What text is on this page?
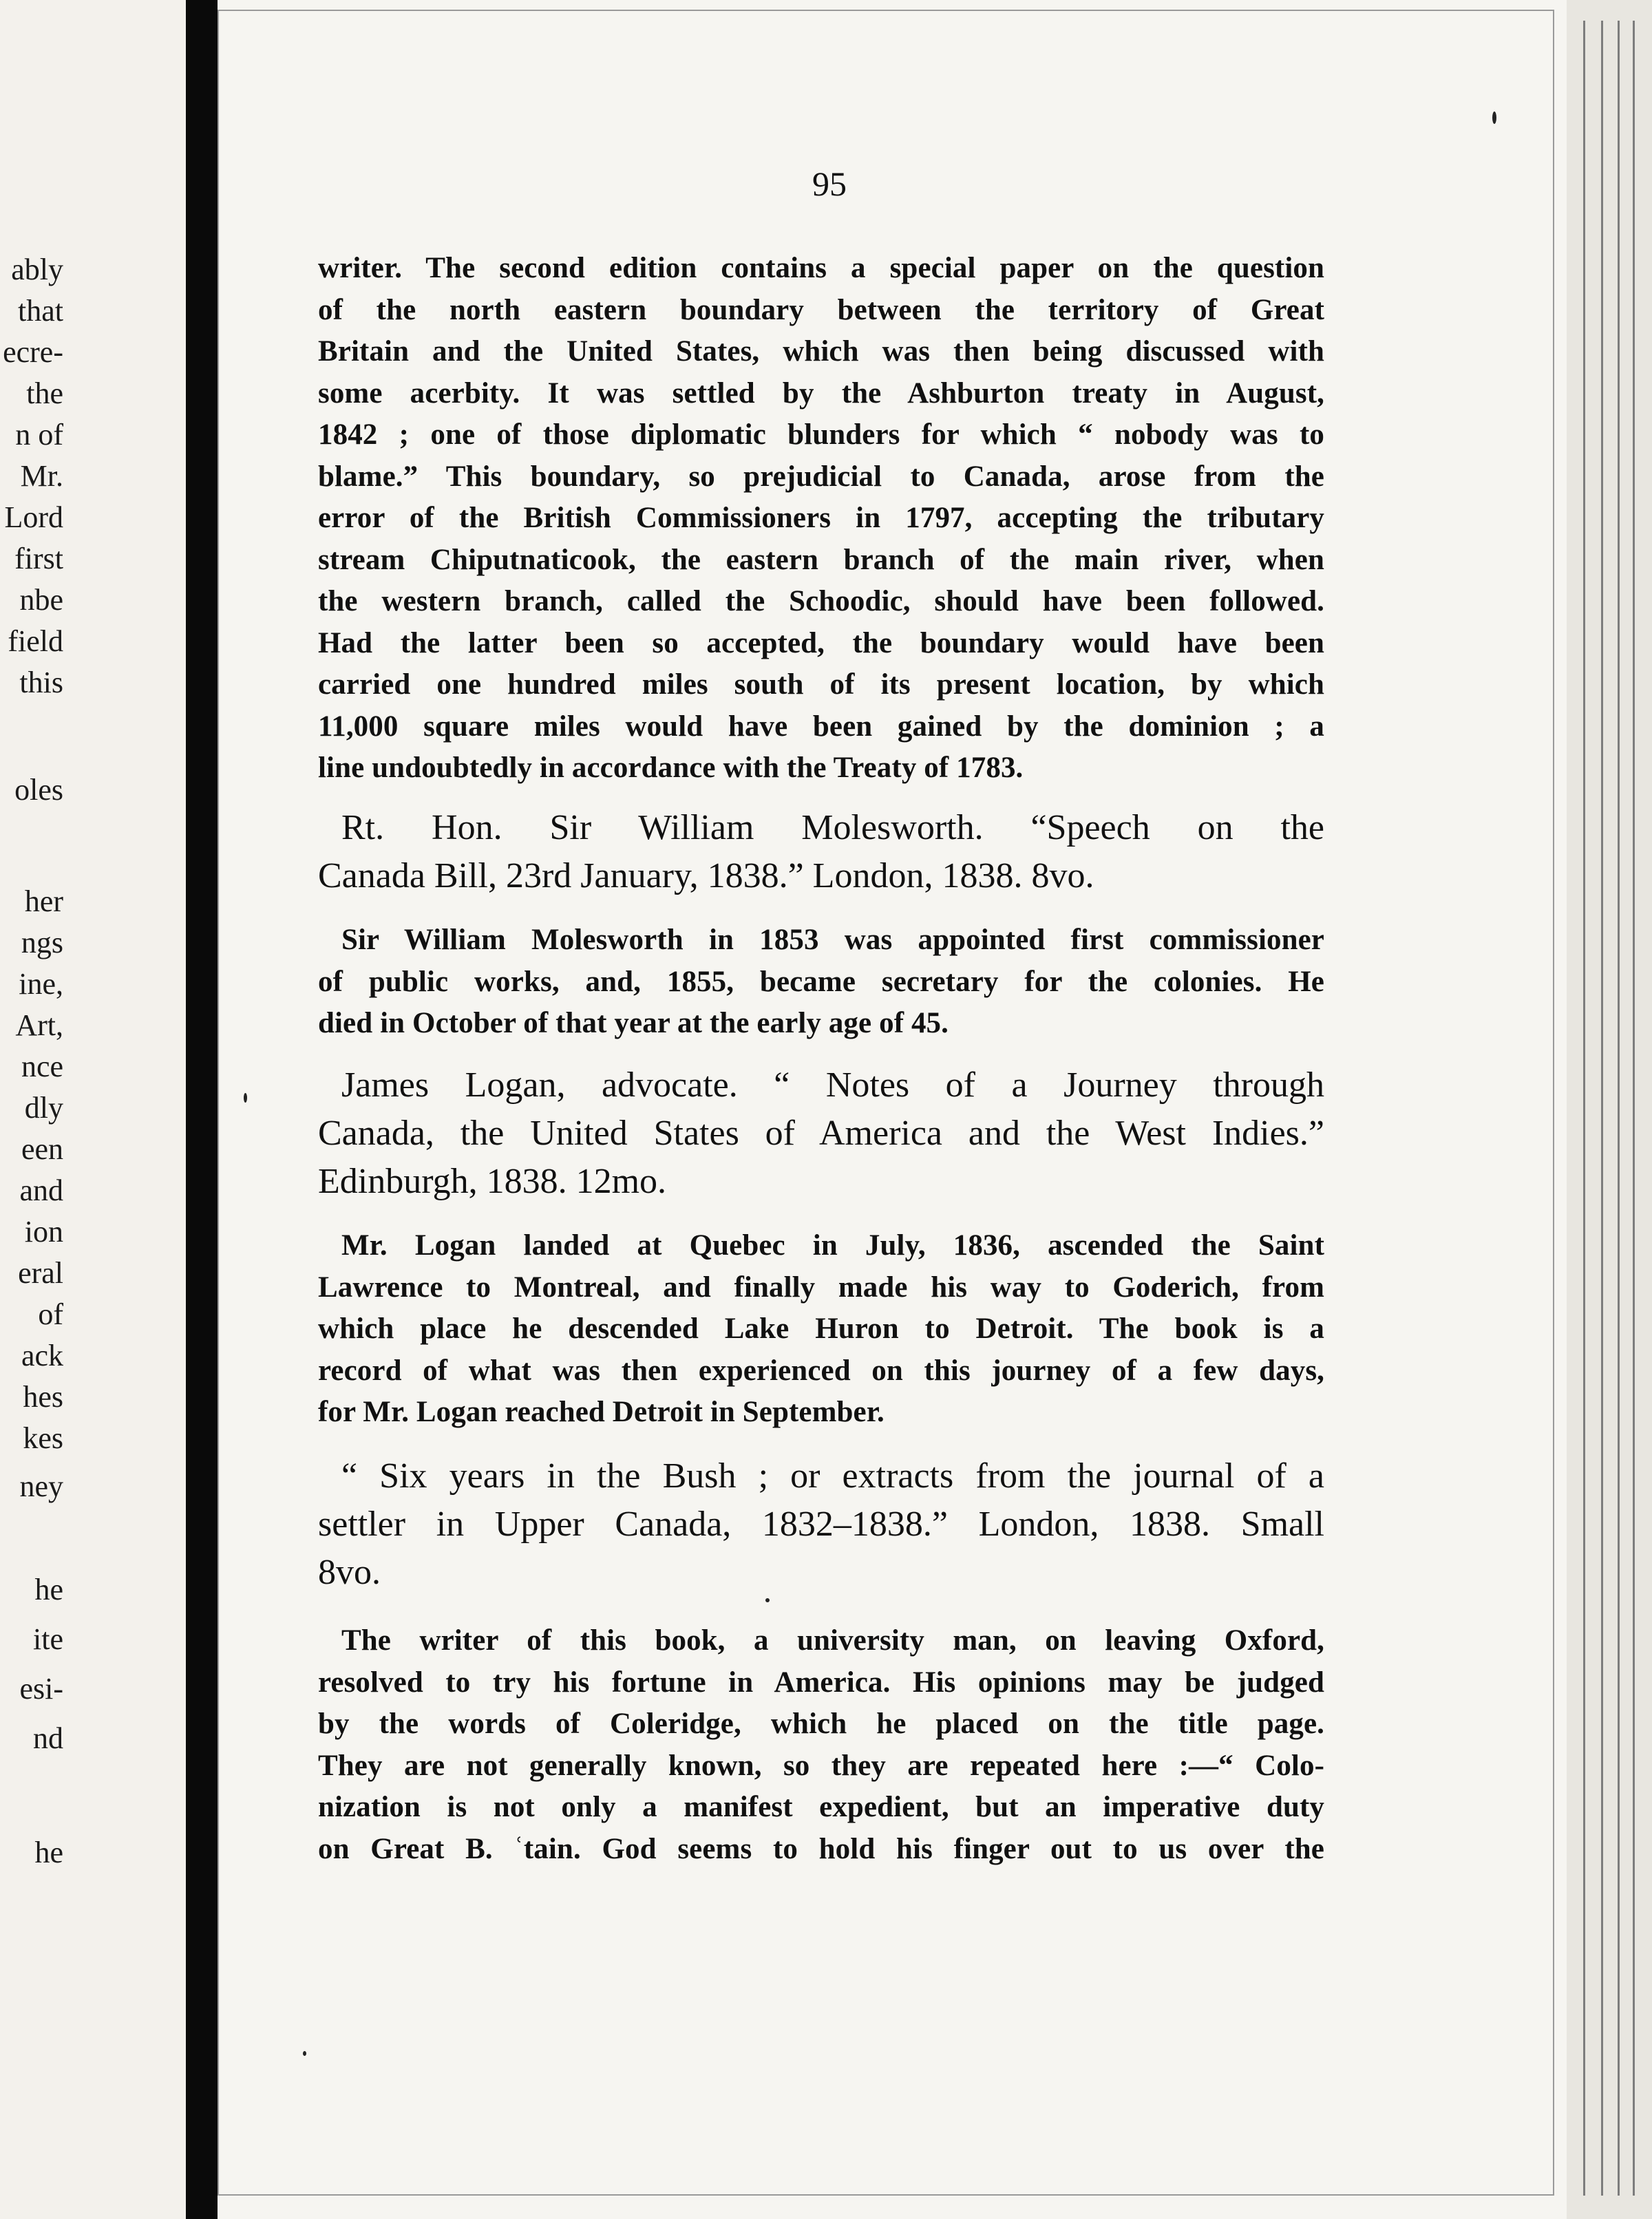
ably
that
ecre-
the
n of
Mr.
Lord
first
nbe
field
this
oles
her
ngs
ine,
Art,
nce
dly
een
and
ion
eral
of
ack
hes
kes
ney
he
ite
esi-
nd
he
95
writer. The second edition contains a special paper on the question
of the north eastern boundary between the territory of Great
Britain and the United States, which was then being discussed with
some acerbity. It was settled by the Ashburton treaty in August,
1842 ; one of those diplomatic blunders for which “ nobody was to
blame.” This boundary, so prejudicial to Canada, arose from the
error of the British Commissioners in 1797, accepting the tributary
stream Chiputnaticook, the eastern branch of the main river, when
the western branch, called the Schoodic, should have been followed.
Had the latter been so accepted, the boundary would have been
carried one hundred miles south of its present location, by which
11,000 square miles would have been gained by the dominion ; a
line undoubtedly in accordance with the Treaty of 1783.
Rt. Hon. Sir William Molesworth. “Speech on the
Canada Bill, 23rd January, 1838.” London, 1838. 8vo.
Sir William Molesworth in 1853 was appointed first commissioner
of public works, and, 1855, became secretary for the colonies. He
died in October of that year at the early age of 45.
James Logan, advocate. “ Notes of a Journey through
Canada, the United States of America and the West Indies.”
Edinburgh, 1838. 12mo.
Mr. Logan landed at Quebec in July, 1836, ascended the Saint
Lawrence to Montreal, and finally made his way to Goderich, from
which place he descended Lake Huron to Detroit. The book is a
record of what was then experienced on this journey of a few days,
for Mr. Logan reached Detroit in September.
“ Six years in the Bush ; or extracts from the journal of a
settler in Upper Canada, 1832–1838.” London, 1838. Small
8vo.
The writer of this book, a university man, on leaving Oxford,
resolved to try his fortune in America. His opinions may be judged
by the words of Coleridge, which he placed on the title page.
They are not generally known, so they are repeated here :—“ Colo-
nization is not only a manifest expedient, but an imperative duty
on Great B. ʿtain. God seems to hold his finger out to us over the
